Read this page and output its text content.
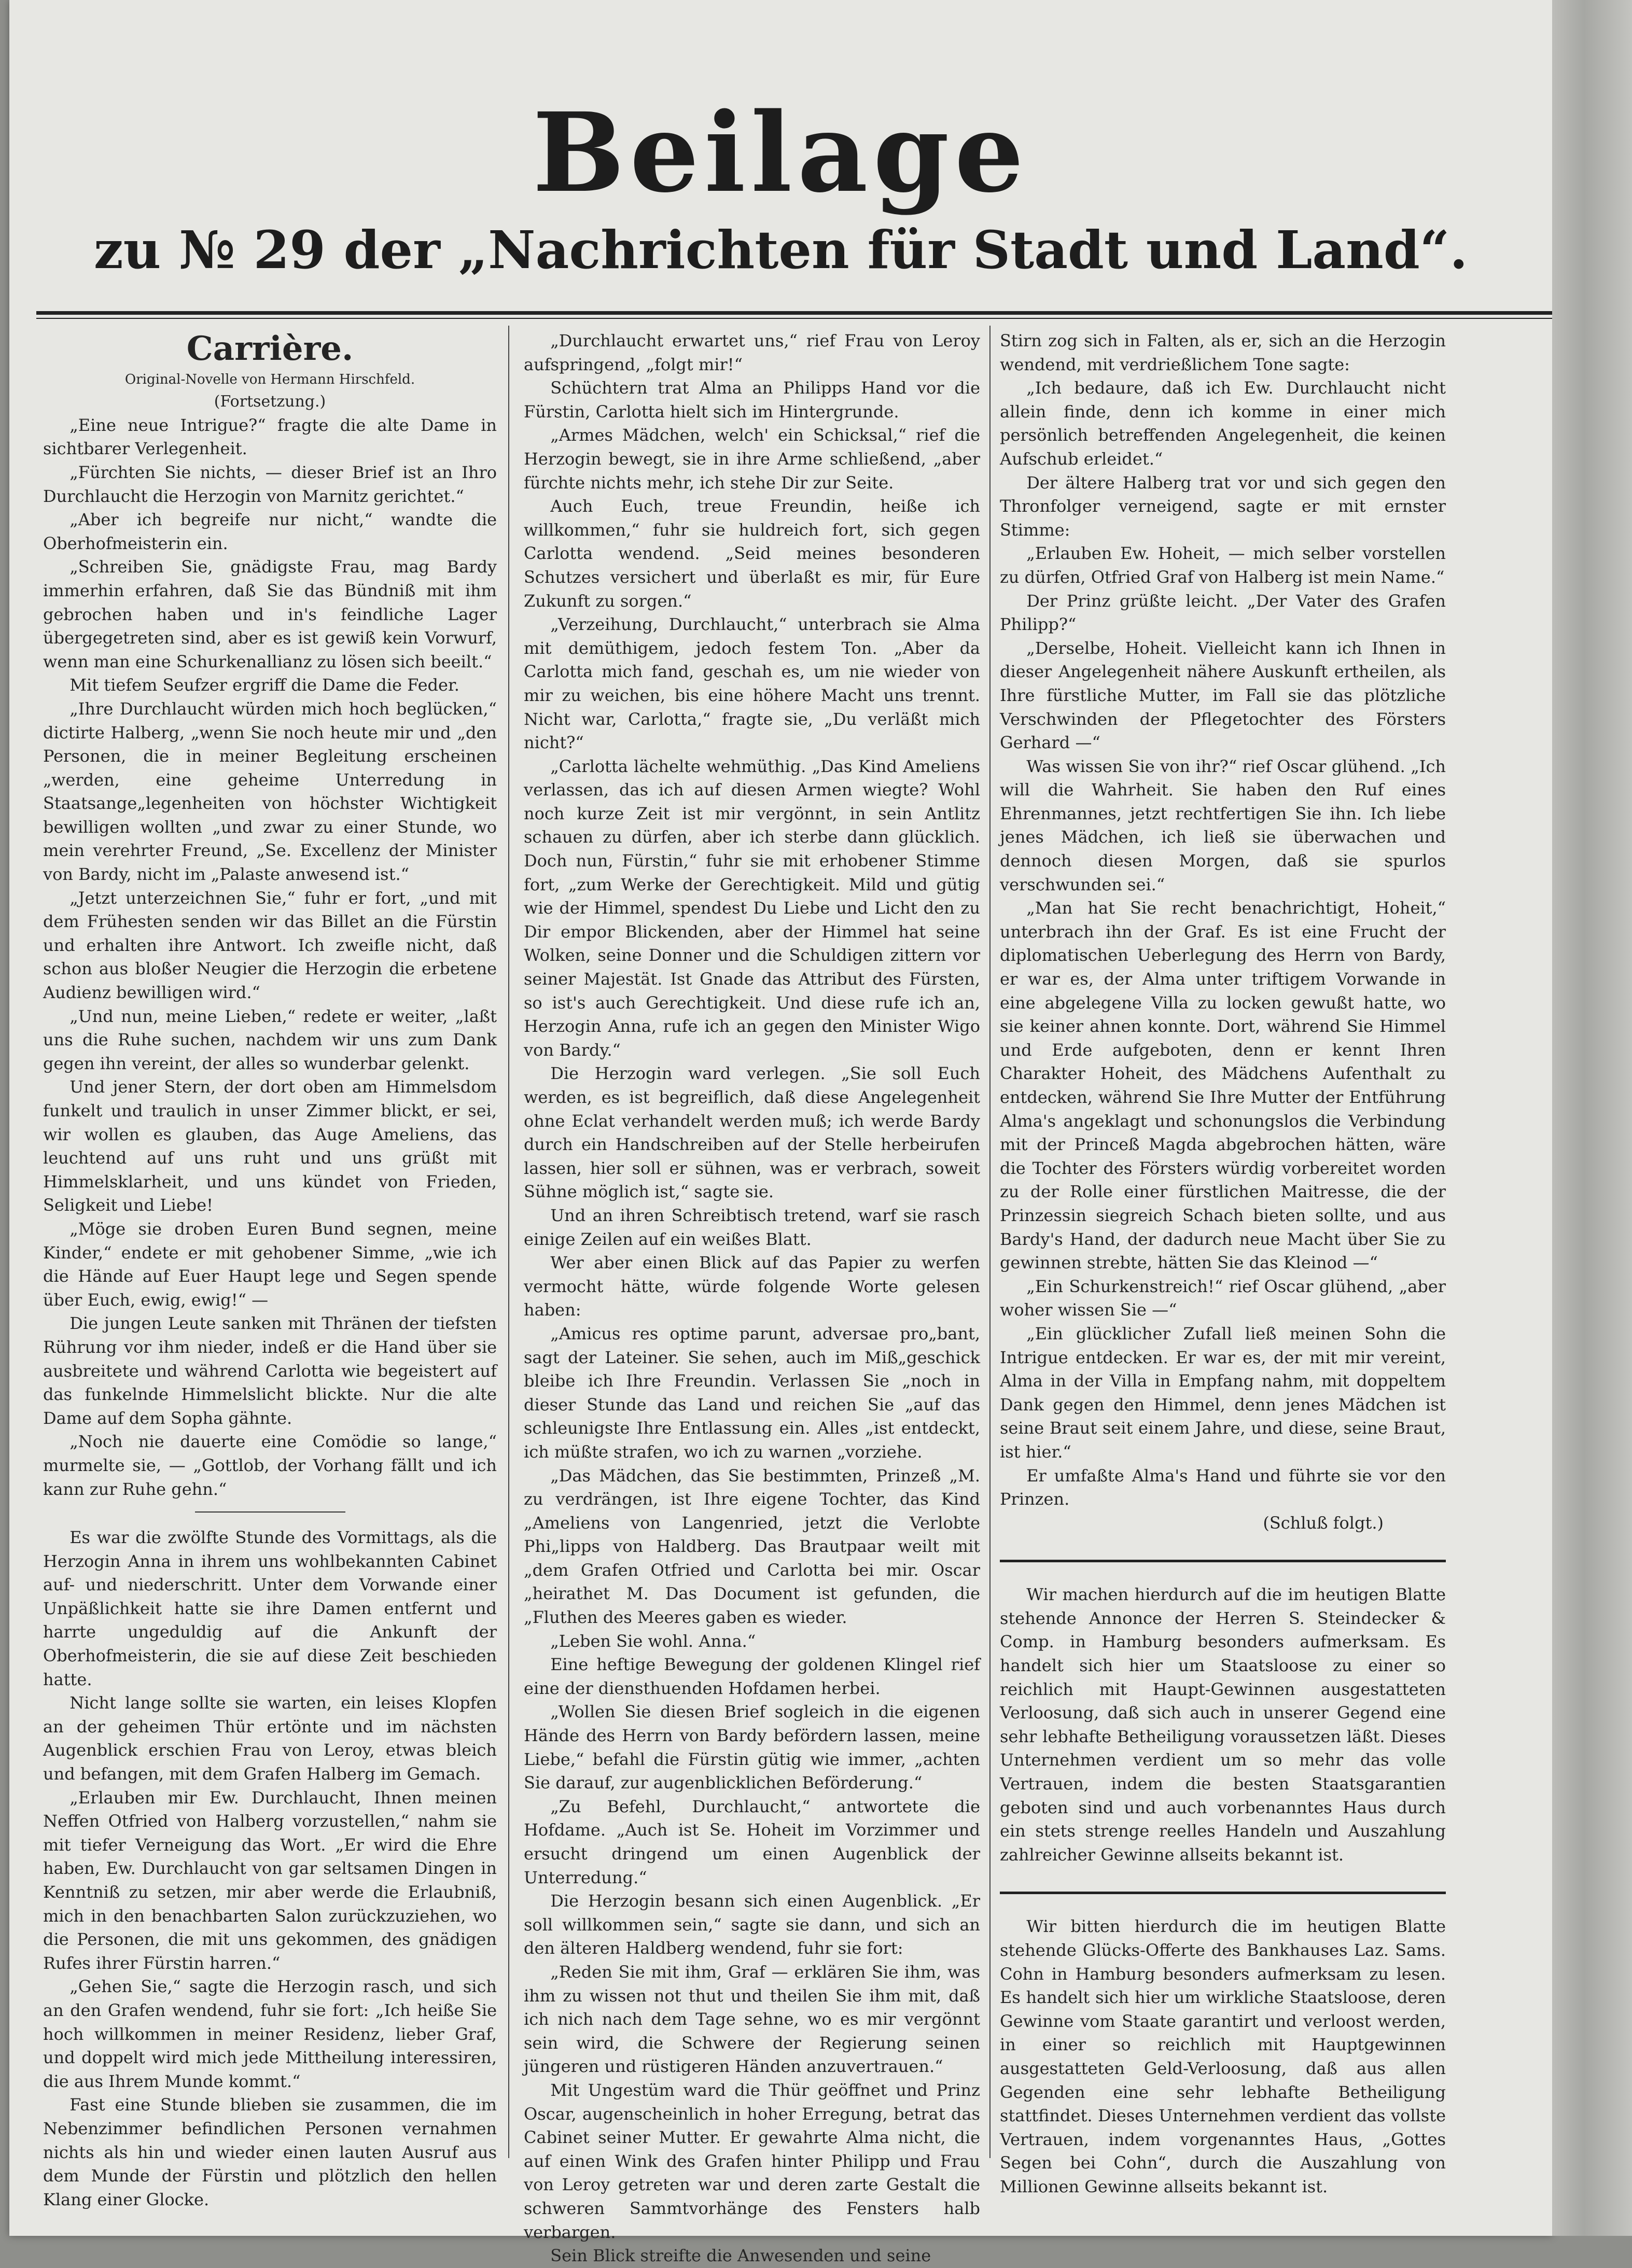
Beilage
zu № 29 der „Nachrichten für Stadt und Land“.

Carrière.

Original-Novelle von Hermann Hirschfeld.

(Fortsetzung.)

„Eine neue Intrigue?“ fragte die alte Dame in sichtbarer Verlegenheit.

„Fürchten Sie nichts, — dieser Brief ist an Ihro Durchlaucht die Herzogin von Marnitz gerichtet.“

„Aber ich begreife nur nicht,“ wandte die Oberhofmeisterin ein.

„Schreiben Sie, gnädigste Frau, mag Bardy immerhin erfahren, daß Sie das Bündniß mit ihm gebrochen haben und in's feindliche Lager übergegetreten sind, aber es ist gewiß kein Vorwurf, wenn man eine Schurkenallianz zu lösen sich beeilt.“

Mit tiefem Seufzer ergriff die Dame die Feder.

„Ihre Durchlaucht würden mich hoch beglücken,“ dictirte Halberg, „wenn Sie noch heute mir und „den Personen, die in meiner Begleitung erscheinen „werden, eine geheime Unterredung in Staatsange„legenheiten von höchster Wichtigkeit bewilligen wollten „und zwar zu einer Stunde, wo mein verehrter Freund, „Se. Excellenz der Minister von Bardy, nicht im „Palaste anwesend ist.“

„Jetzt unterzeichnen Sie,“ fuhr er fort, „und mit dem Frühesten senden wir das Billet an die Fürstin und erhalten ihre Antwort. Ich zweifle nicht, daß schon aus bloßer Neugier die Herzogin die erbetene Audienz bewilligen wird.“

„Und nun, meine Lieben,“ redete er weiter, „laßt uns die Ruhe suchen, nachdem wir uns zum Dank gegen ihn vereint, der alles so wunderbar gelenkt.

Und jener Stern, der dort oben am Himmelsdom funkelt und traulich in unser Zimmer blickt, er sei, wir wollen es glauben, das Auge Ameliens, das leuchtend auf uns ruht und uns grüßt mit Himmelsklarheit, und uns kündet von Frieden, Seligkeit und Liebe!

„Möge sie droben Euren Bund segnen, meine Kinder,“ endete er mit gehobener Simme, „wie ich die Hände auf Euer Haupt lege und Segen spende über Euch, ewig, ewig!“ —

Die jungen Leute sanken mit Thränen der tiefsten Rührung vor ihm nieder, indeß er die Hand über sie ausbreitete und während Carlotta wie begeistert auf das funkelnde Himmelslicht blickte. Nur die alte Dame auf dem Sopha gähnte.

„Noch nie dauerte eine Comödie so lange,“ murmelte sie, — „Gottlob, der Vorhang fällt und ich kann zur Ruhe gehn.“

Es war die zwölfte Stunde des Vormittags, als die Herzogin Anna in ihrem uns wohlbekannten Cabinet auf- und niederschritt. Unter dem Vorwande einer Unpäßlichkeit hatte sie ihre Damen entfernt und harrte ungeduldig auf die Ankunft der Oberhofmeisterin, die sie auf diese Zeit beschieden hatte.

Nicht lange sollte sie warten, ein leises Klopfen an der geheimen Thür ertönte und im nächsten Augenblick erschien Frau von Leroy, etwas bleich und befangen, mit dem Grafen Halberg im Gemach.

„Erlauben mir Ew. Durchlaucht, Ihnen meinen Neffen Otfried von Halberg vorzustellen,“ nahm sie mit tiefer Verneigung das Wort. „Er wird die Ehre haben, Ew. Durchlaucht von gar seltsamen Dingen in Kenntniß zu setzen, mir aber werde die Erlaubniß, mich in den benachbarten Salon zurückzuziehen, wo die Personen, die mit uns gekommen, des gnädigen Rufes ihrer Fürstin harren.“

„Gehen Sie,“ sagte die Herzogin rasch, und sich an den Grafen wendend, fuhr sie fort: „Ich heiße Sie hoch willkommen in meiner Residenz, lieber Graf, und doppelt wird mich jede Mittheilung interessiren, die aus Ihrem Munde kommt.“

Fast eine Stunde blieben sie zusammen, die im Nebenzimmer befindlichen Personen vernahmen nichts als hin und wieder einen lauten Ausruf aus dem Munde der Fürstin und plötzlich den hellen Klang einer Glocke.

„Durchlaucht erwartet uns,“ rief Frau von Leroy aufspringend, „folgt mir!“

Schüchtern trat Alma an Philipps Hand vor die Fürstin, Carlotta hielt sich im Hintergrunde.

„Armes Mädchen, welch' ein Schicksal,“ rief die Herzogin bewegt, sie in ihre Arme schließend, „aber fürchte nichts mehr, ich stehe Dir zur Seite.

Auch Euch, treue Freundin, heiße ich willkommen,“ fuhr sie huldreich fort, sich gegen Carlotta wendend. „Seid meines besonderen Schutzes versichert und überlaßt es mir, für Eure Zukunft zu sorgen.“

„Verzeihung, Durchlaucht,“ unterbrach sie Alma mit demüthigem, jedoch festem Ton. „Aber da Carlotta mich fand, geschah es, um nie wieder von mir zu weichen, bis eine höhere Macht uns trennt. Nicht war, Carlotta,“ fragte sie, „Du verläßt mich nicht?“

„Carlotta lächelte wehmüthig. „Das Kind Ameliens verlassen, das ich auf diesen Armen wiegte? Wohl noch kurze Zeit ist mir vergönnt, in sein Antlitz schauen zu dürfen, aber ich sterbe dann glücklich. Doch nun, Fürstin,“ fuhr sie mit erhobener Stimme fort, „zum Werke der Gerechtigkeit. Mild und gütig wie der Himmel, spendest Du Liebe und Licht den zu Dir empor Blickenden, aber der Himmel hat seine Wolken, seine Donner und die Schuldigen zittern vor seiner Majestät. Ist Gnade das Attribut des Fürsten, so ist's auch Gerechtigkeit. Und diese rufe ich an, Herzogin Anna, rufe ich an gegen den Minister Wigo von Bardy.“

Die Herzogin ward verlegen. „Sie soll Euch werden, es ist begreiflich, daß diese Angelegenheit ohne Eclat verhandelt werden muß; ich werde Bardy durch ein Handschreiben auf der Stelle herbeirufen lassen, hier soll er sühnen, was er verbrach, soweit Sühne möglich ist,“ sagte sie.

Und an ihren Schreibtisch tretend, warf sie rasch einige Zeilen auf ein weißes Blatt.

Wer aber einen Blick auf das Papier zu werfen vermocht hätte, würde folgende Worte gelesen haben:

„Amicus res optime parunt, adversae pro„bant, sagt der Lateiner. Sie sehen, auch im Miß„geschick bleibe ich Ihre Freundin. Verlassen Sie „noch in dieser Stunde das Land und reichen Sie „auf das schleunigste Ihre Entlassung ein. Alles „ist entdeckt, ich müßte strafen, wo ich zu warnen „vorziehe.

„Das Mädchen, das Sie bestimmten, Prinzeß „M. zu verdrängen, ist Ihre eigene Tochter, das Kind „Ameliens von Langenried, jetzt die Verlobte Phi„lipps von Haldberg. Das Brautpaar weilt mit „dem Grafen Otfried und Carlotta bei mir. Oscar „heirathet M. Das Document ist gefunden, die „Fluthen des Meeres gaben es wieder.

„Leben Sie wohl. Anna.“

Eine heftige Bewegung der goldenen Klingel rief eine der diensthuenden Hofdamen herbei.

„Wollen Sie diesen Brief sogleich in die eigenen Hände des Herrn von Bardy befördern lassen, meine Liebe,“ befahl die Fürstin gütig wie immer, „achten Sie darauf, zur augenblicklichen Beförderung.“

„Zu Befehl, Durchlaucht,“ antwortete die Hofdame. „Auch ist Se. Hoheit im Vorzimmer und ersucht dringend um einen Augenblick der Unterredung.“

Die Herzogin besann sich einen Augenblick. „Er soll willkommen sein,“ sagte sie dann, und sich an den älteren Haldberg wendend, fuhr sie fort:

„Reden Sie mit ihm, Graf — erklären Sie ihm, was ihm zu wissen not thut und theilen Sie ihm mit, daß ich nich nach dem Tage sehne, wo es mir vergönnt sein wird, die Schwere der Regierung seinen jüngeren und rüstigeren Händen anzuvertrauen.“

Mit Ungestüm ward die Thür geöffnet und Prinz Oscar, augenscheinlich in hoher Erregung, betrat das Cabinet seiner Mutter. Er gewahrte Alma nicht, die auf einen Wink des Grafen hinter Philipp und Frau von Leroy getreten war und deren zarte Gestalt die schweren Sammtvorhänge des Fensters halb verbargen.

Sein Blick streifte die Anwesenden und seine

Stirn zog sich in Falten, als er, sich an die Herzogin wendend, mit verdrießlichem Tone sagte:

„Ich bedaure, daß ich Ew. Durchlaucht nicht allein finde, denn ich komme in einer mich persönlich betreffenden Angelegenheit, die keinen Aufschub erleidet.“

Der ältere Halberg trat vor und sich gegen den Thronfolger verneigend, sagte er mit ernster Stimme:

„Erlauben Ew. Hoheit, — mich selber vorstellen zu dürfen, Otfried Graf von Halberg ist mein Name.“

Der Prinz grüßte leicht. „Der Vater des Grafen Philipp?“

„Derselbe, Hoheit. Vielleicht kann ich Ihnen in dieser Angelegenheit nähere Auskunft ertheilen, als Ihre fürstliche Mutter, im Fall sie das plötzliche Verschwinden der Pflegetochter des Försters Gerhard —“

Was wissen Sie von ihr?“ rief Oscar glühend. „Ich will die Wahrheit. Sie haben den Ruf eines Ehrenmannes, jetzt rechtfertigen Sie ihn. Ich liebe jenes Mädchen, ich ließ sie überwachen und dennoch diesen Morgen, daß sie spurlos verschwunden sei.“

„Man hat Sie recht benachrichtigt, Hoheit,“ unterbrach ihn der Graf. Es ist eine Frucht der diplomatischen Ueberlegung des Herrn von Bardy, er war es, der Alma unter triftigem Vorwande in eine abgelegene Villa zu locken gewußt hatte, wo sie keiner ahnen konnte. Dort, während Sie Himmel und Erde aufgeboten, denn er kennt Ihren Charakter Hoheit, des Mädchens Aufenthalt zu entdecken, während Sie Ihre Mutter der Entführung Alma's angeklagt und schonungslos die Verbindung mit der Princeß Magda abgebrochen hätten, wäre die Tochter des Försters würdig vorbereitet worden zu der Rolle einer fürstlichen Maitresse, die der Prinzessin siegreich Schach bieten sollte, und aus Bardy's Hand, der dadurch neue Macht über Sie zu gewinnen strebte, hätten Sie das Kleinod —“

„Ein Schurkenstreich!“ rief Oscar glühend, „aber woher wissen Sie —“

„Ein glücklicher Zufall ließ meinen Sohn die Intrigue entdecken. Er war es, der mit mir vereint, Alma in der Villa in Empfang nahm, mit doppeltem Dank gegen den Himmel, denn jenes Mädchen ist seine Braut seit einem Jahre, und diese, seine Braut, ist hier.“

Er umfaßte Alma's Hand und führte sie vor den Prinzen.

(Schluß folgt.)

Wir machen hierdurch auf die im heutigen Blatte stehende Annonce der Herren S. Steindecker & Comp. in Hamburg besonders aufmerksam. Es handelt sich hier um Staatsloose zu einer so reichlich mit Haupt-Gewinnen ausgestatteten Verloosung, daß sich auch in unserer Gegend eine sehr lebhafte Betheiligung voraussetzen läßt. Dieses Unternehmen verdient um so mehr das volle Vertrauen, indem die besten Staatsgarantien geboten sind und auch vorbenanntes Haus durch ein stets strenge reelles Handeln und Auszahlung zahlreicher Gewinne allseits bekannt ist.

Wir bitten hierdurch die im heutigen Blatte stehende Glücks-Offerte des Bankhauses Laz. Sams. Cohn in Hamburg besonders aufmerksam zu lesen. Es handelt sich hier um wirkliche Staatsloose, deren Gewinne vom Staate garantirt und verloost werden, in einer so reichlich mit Hauptgewinnen ausgestatteten Geld-Verloosung, daß aus allen Gegenden eine sehr lebhafte Betheiligung stattfindet. Dieses Unternehmen verdient das vollste Vertrauen, indem vorgenanntes Haus, „Gottes Segen bei Cohn“, durch die Auszahlung von Millionen Gewinne allseits bekannt ist.
